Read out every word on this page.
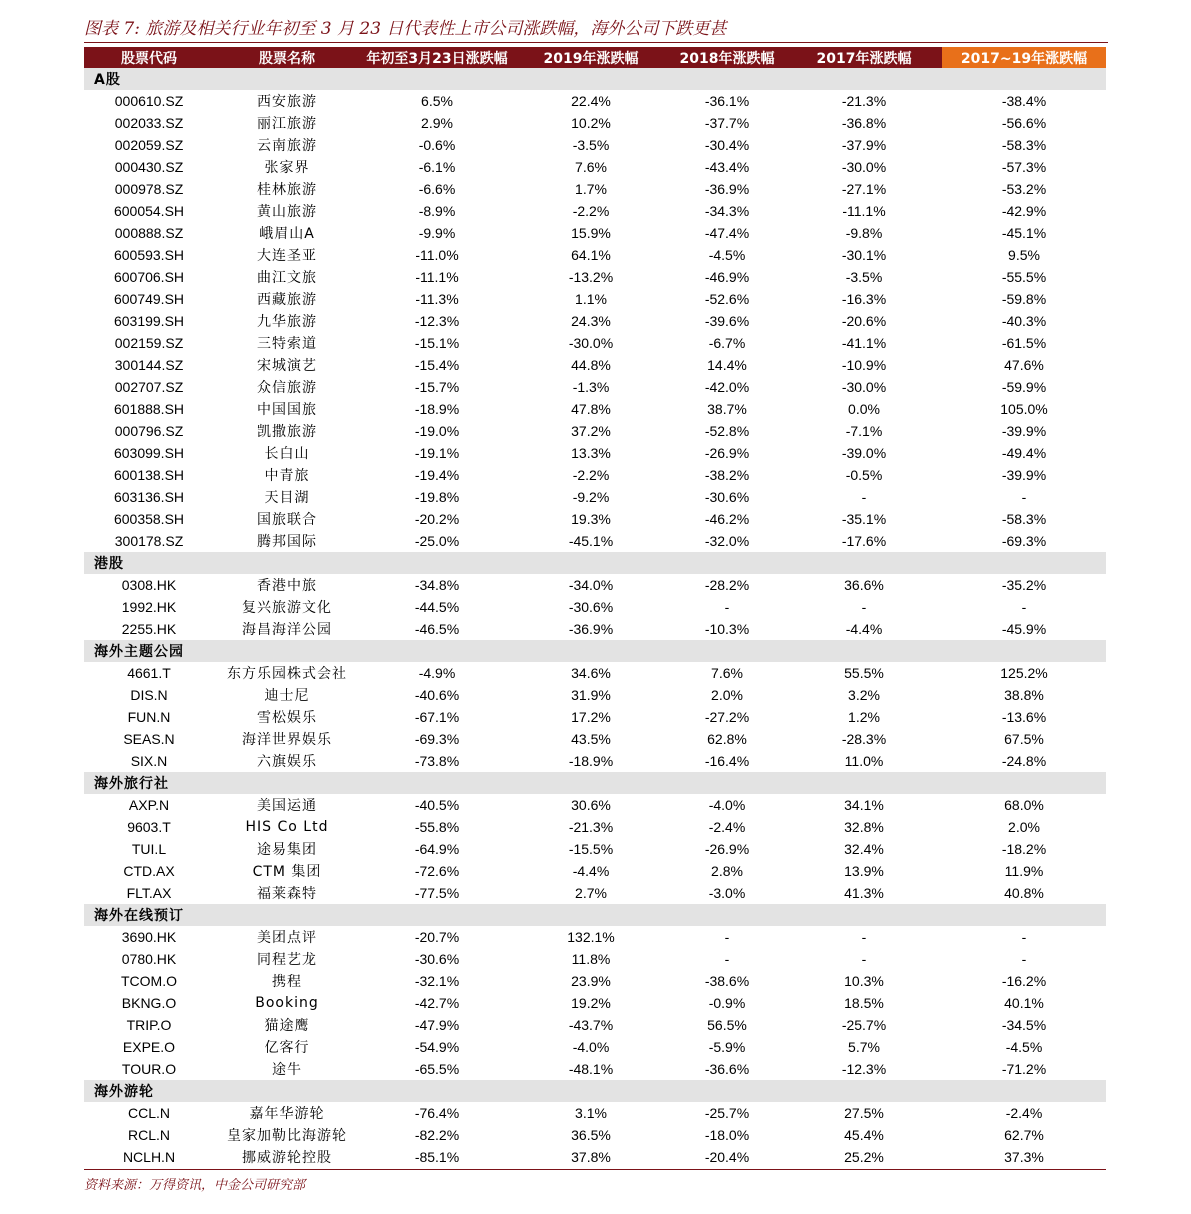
图表 7: 旅游及相关行业年初至 3 月 23 日代表性上市公司涨跌幅，海外公司下跌更甚
股票代码	股票名称	年初至3月23日涨跌幅	2019年涨跌幅	2018年涨跌幅	2017年涨跌幅	2017~19年涨跌幅
A股						
000610.SZ	西安旅游	6.5%	22.4%	-36.1%	-21.3%	-38.4%
002033.SZ	丽江旅游	2.9%	10.2%	-37.7%	-36.8%	-56.6%
002059.SZ	云南旅游	-0.6%	-3.5%	-30.4%	-37.9%	-58.3%
000430.SZ	张家界	-6.1%	7.6%	-43.4%	-30.0%	-57.3%
000978.SZ	桂林旅游	-6.6%	1.7%	-36.9%	-27.1%	-53.2%
600054.SH	黄山旅游	-8.9%	-2.2%	-34.3%	-11.1%	-42.9%
000888.SZ	峨眉山A	-9.9%	15.9%	-47.4%	-9.8%	-45.1%
600593.SH	大连圣亚	-11.0%	64.1%	-4.5%	-30.1%	9.5%
600706.SH	曲江文旅	-11.1%	-13.2%	-46.9%	-3.5%	-55.5%
600749.SH	西藏旅游	-11.3%	1.1%	-52.6%	-16.3%	-59.8%
603199.SH	九华旅游	-12.3%	24.3%	-39.6%	-20.6%	-40.3%
002159.SZ	三特索道	-15.1%	-30.0%	-6.7%	-41.1%	-61.5%
300144.SZ	宋城演艺	-15.4%	44.8%	14.4%	-10.9%	47.6%
002707.SZ	众信旅游	-15.7%	-1.3%	-42.0%	-30.0%	-59.9%
601888.SH	中国国旅	-18.9%	47.8%	38.7%	0.0%	105.0%
000796.SZ	凯撒旅游	-19.0%	37.2%	-52.8%	-7.1%	-39.9%
603099.SH	长白山	-19.1%	13.3%	-26.9%	-39.0%	-49.4%
600138.SH	中青旅	-19.4%	-2.2%	-38.2%	-0.5%	-39.9%
603136.SH	天目湖	-19.8%	-9.2%	-30.6%	-	-
600358.SH	国旅联合	-20.2%	19.3%	-46.2%	-35.1%	-58.3%
300178.SZ	腾邦国际	-25.0%	-45.1%	-32.0%	-17.6%	-69.3%
港股						
0308.HK	香港中旅	-34.8%	-34.0%	-28.2%	36.6%	-35.2%
1992.HK	复兴旅游文化	-44.5%	-30.6%	-	-	-
2255.HK	海昌海洋公园	-46.5%	-36.9%	-10.3%	-4.4%	-45.9%
海外主题公园						
4661.T	东方乐园株式会社	-4.9%	34.6%	7.6%	55.5%	125.2%
DIS.N	迪士尼	-40.6%	31.9%	2.0%	3.2%	38.8%
FUN.N	雪松娱乐	-67.1%	17.2%	-27.2%	1.2%	-13.6%
SEAS.N	海洋世界娱乐	-69.3%	43.5%	62.8%	-28.3%	67.5%
SIX.N	六旗娱乐	-73.8%	-18.9%	-16.4%	11.0%	-24.8%
海外旅行社						
AXP.N	美国运通	-40.5%	30.6%	-4.0%	34.1%	68.0%
9603.T	HIS Co Ltd	-55.8%	-21.3%	-2.4%	32.8%	2.0%
TUI.L	途易集团	-64.9%	-15.5%	-26.9%	32.4%	-18.2%
CTD.AX	CTM 集团	-72.6%	-4.4%	2.8%	13.9%	11.9%
FLT.AX	福莱森特	-77.5%	2.7%	-3.0%	41.3%	40.8%
海外在线预订						
3690.HK	美团点评	-20.7%	132.1%	-	-	-
0780.HK	同程艺龙	-30.6%	11.8%	-	-	-
TCOM.O	携程	-32.1%	23.9%	-38.6%	10.3%	-16.2%
BKNG.O	Booking	-42.7%	19.2%	-0.9%	18.5%	40.1%
TRIP.O	猫途鹰	-47.9%	-43.7%	56.5%	-25.7%	-34.5%
EXPE.O	亿客行	-54.9%	-4.0%	-5.9%	5.7%	-4.5%
TOUR.O	途牛	-65.5%	-48.1%	-36.6%	-12.3%	-71.2%
海外游轮						
CCL.N	嘉年华游轮	-76.4%	3.1%	-25.7%	27.5%	-2.4%
RCL.N	皇家加勒比海游轮	-82.2%	36.5%	-18.0%	45.4%	62.7%
NCLH.N	挪威游轮控股	-85.1%	37.8%	-20.4%	25.2%	37.3%
资料来源：万得资讯，中金公司研究部
